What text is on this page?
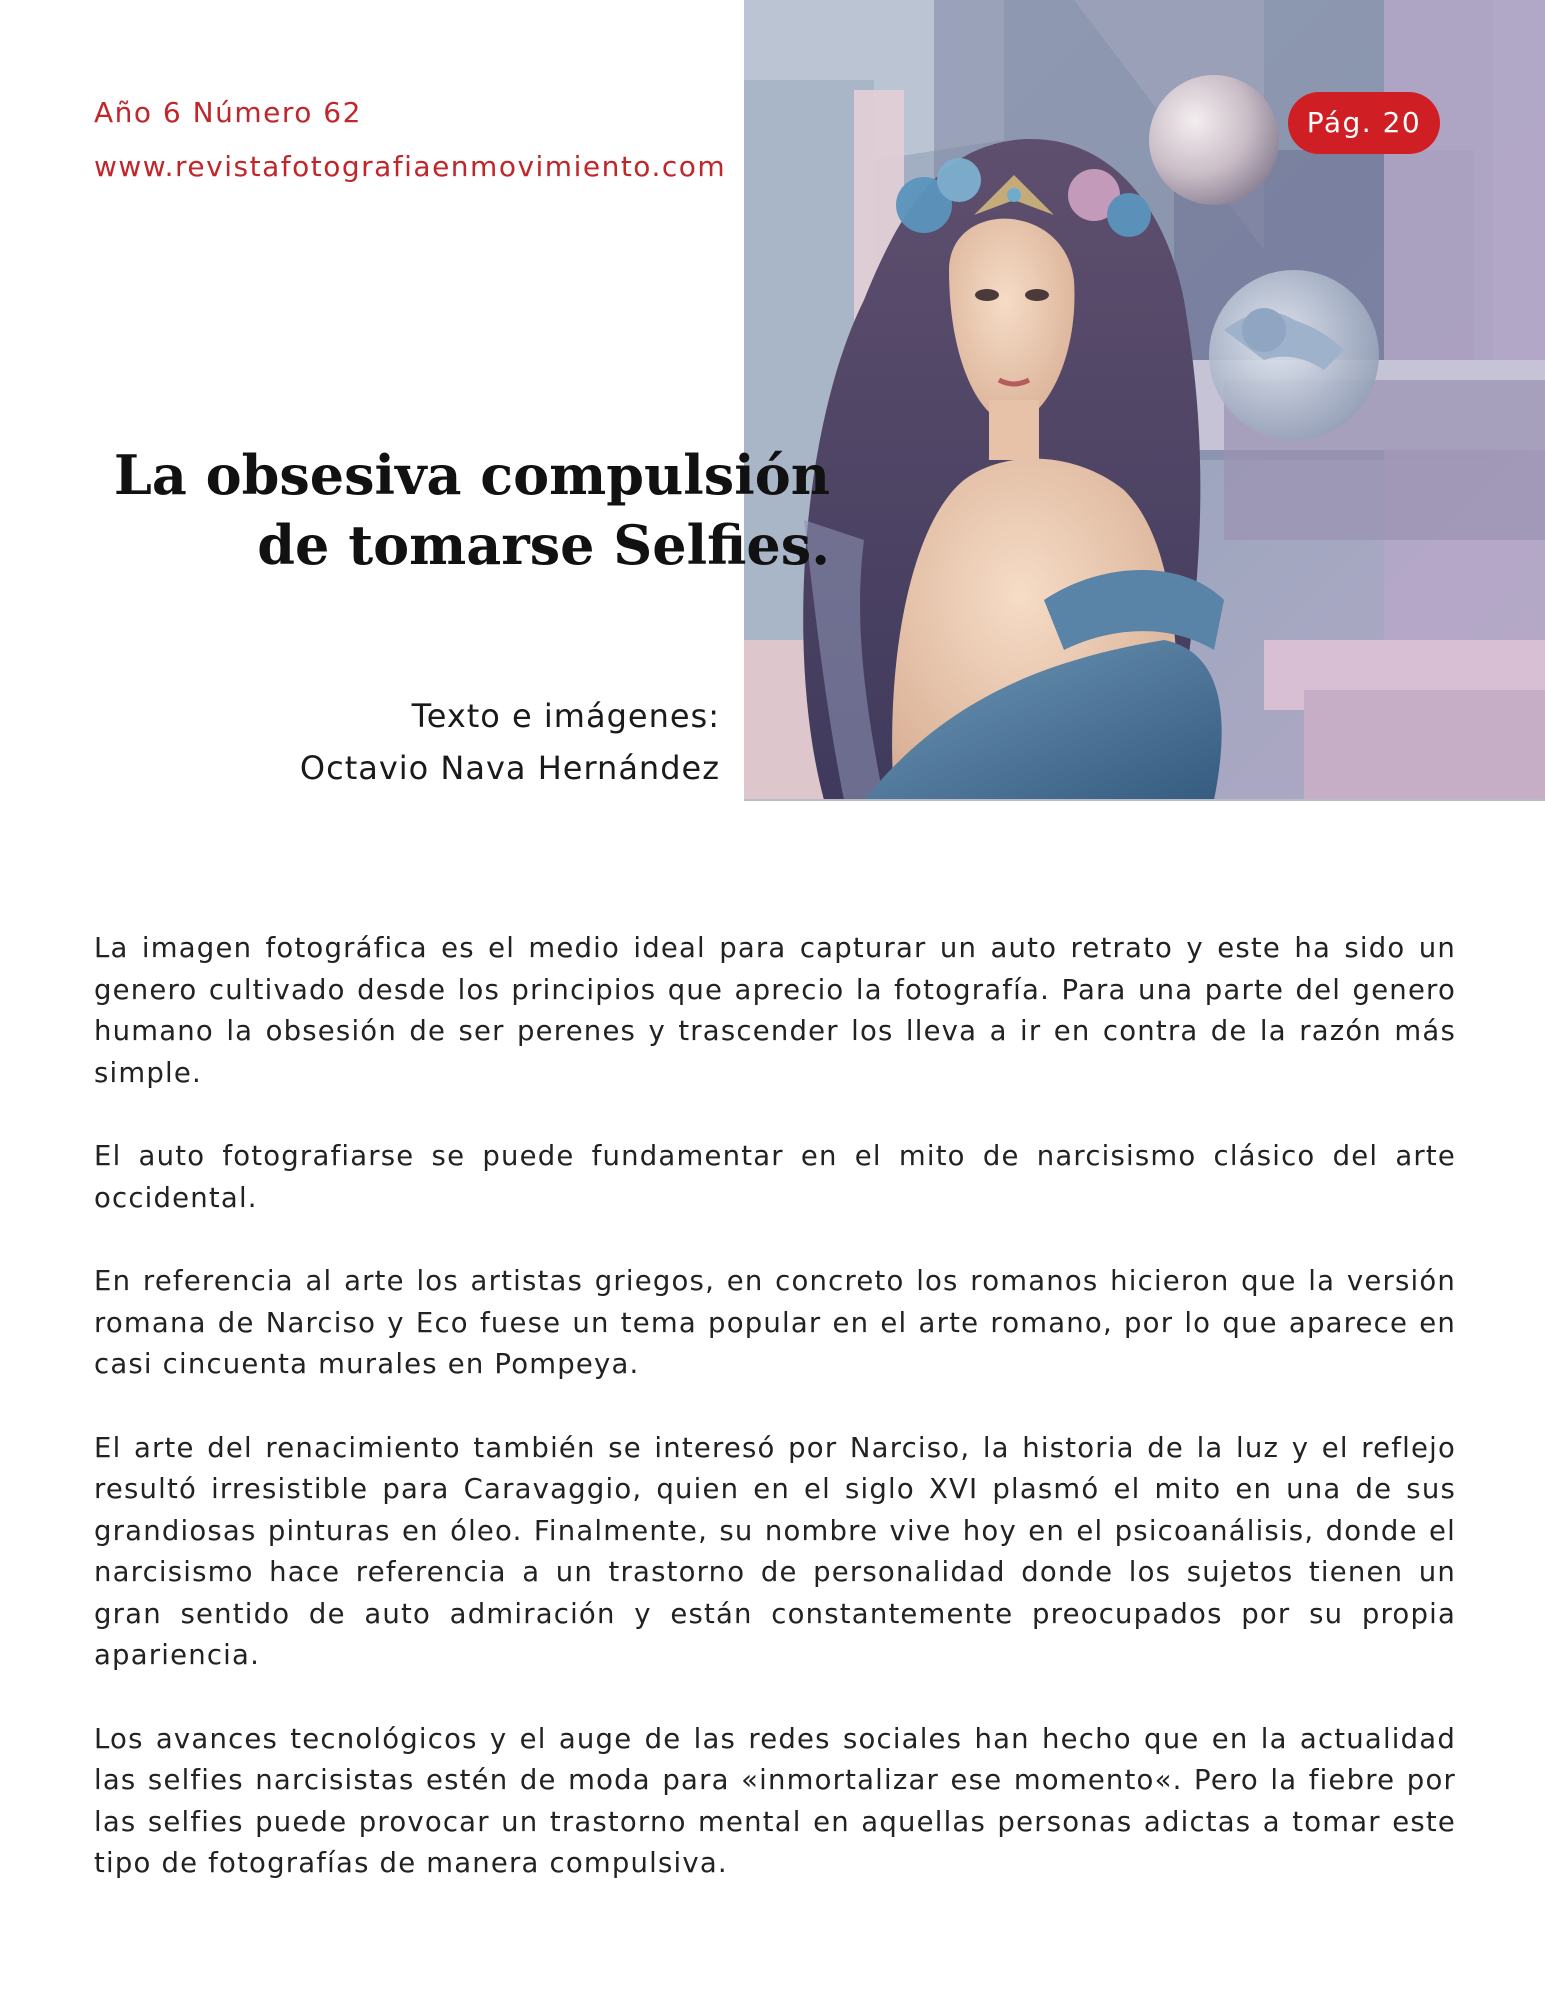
Año 6 Número 62
www.revistafotografiaenmovimiento.com
Pág. 20
La obsesiva compulsión
de tomarse Selfies.
Texto e imágenes:
Octavio Nava Hernández

La imagen fotográfica es el medio ideal para capturar un auto retrato y este ha sido un genero cultivado desde los principios que aprecio la fotografía. Para una parte del genero humano la obsesión de ser perenes y trascender los lleva a ir en contra de la razón más simple.

El auto fotografiarse se puede fundamentar en el mito de narcisismo clásico del arte occidental.

En referencia al arte los artistas griegos, en concreto los romanos hicieron que la versión romana de Narciso y Eco fuese un tema popular en el arte romano, por lo que aparece en casi cincuenta murales en Pompeya.

El arte del renacimiento también se interesó por Narciso, la historia de la luz y el reflejo resultó irresistible para Caravaggio, quien en el siglo XVI plasmó el mito en una de sus grandiosas pinturas en óleo. Finalmente, su nombre vive hoy en el psicoanálisis, donde el narcisismo hace referencia a un trastorno de personalidad donde los sujetos tienen un gran sentido de auto admiración y están constantemente preocupados por su propia apariencia.

Los avances tecnológicos y el auge de las redes sociales han hecho que en la actualidad las selfies narcisistas estén de moda para «inmortalizar ese momento«. Pero la fiebre por las selfies puede provocar un trastorno mental en aquellas personas adictas a tomar este tipo de fotografías de manera compulsiva.
